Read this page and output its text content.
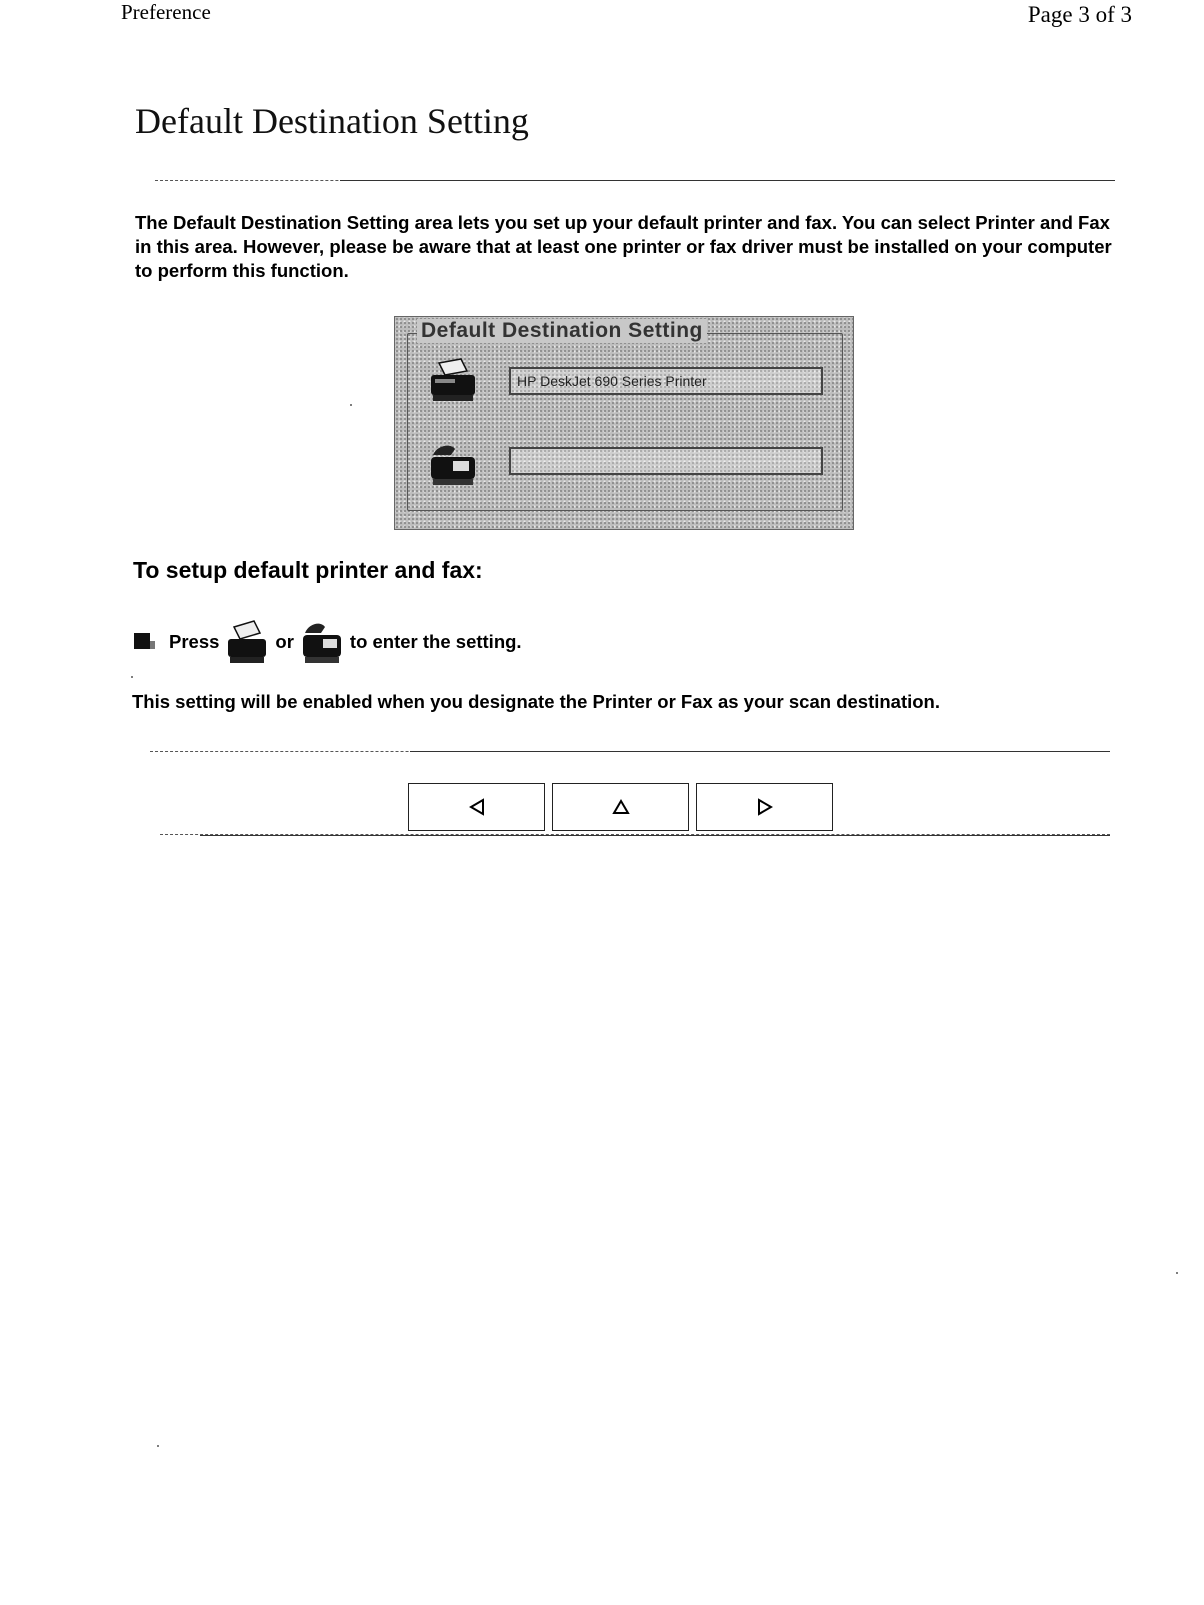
Preference	Page 3 of 3
Default Destination Setting

The Default Destination Setting area lets you set up your default printer and fax. You can select Printer and Fax in this area. However, please be aware that at least one printer or fax driver must be installed on your computer to perform this function.

Default Destination Setting
HP DeskJet 690 Series Printer
To setup default printer and fax:
Press	or	to enter the setting.

This setting will be enabled when you designate the Printer or Fax as your scan destination.
